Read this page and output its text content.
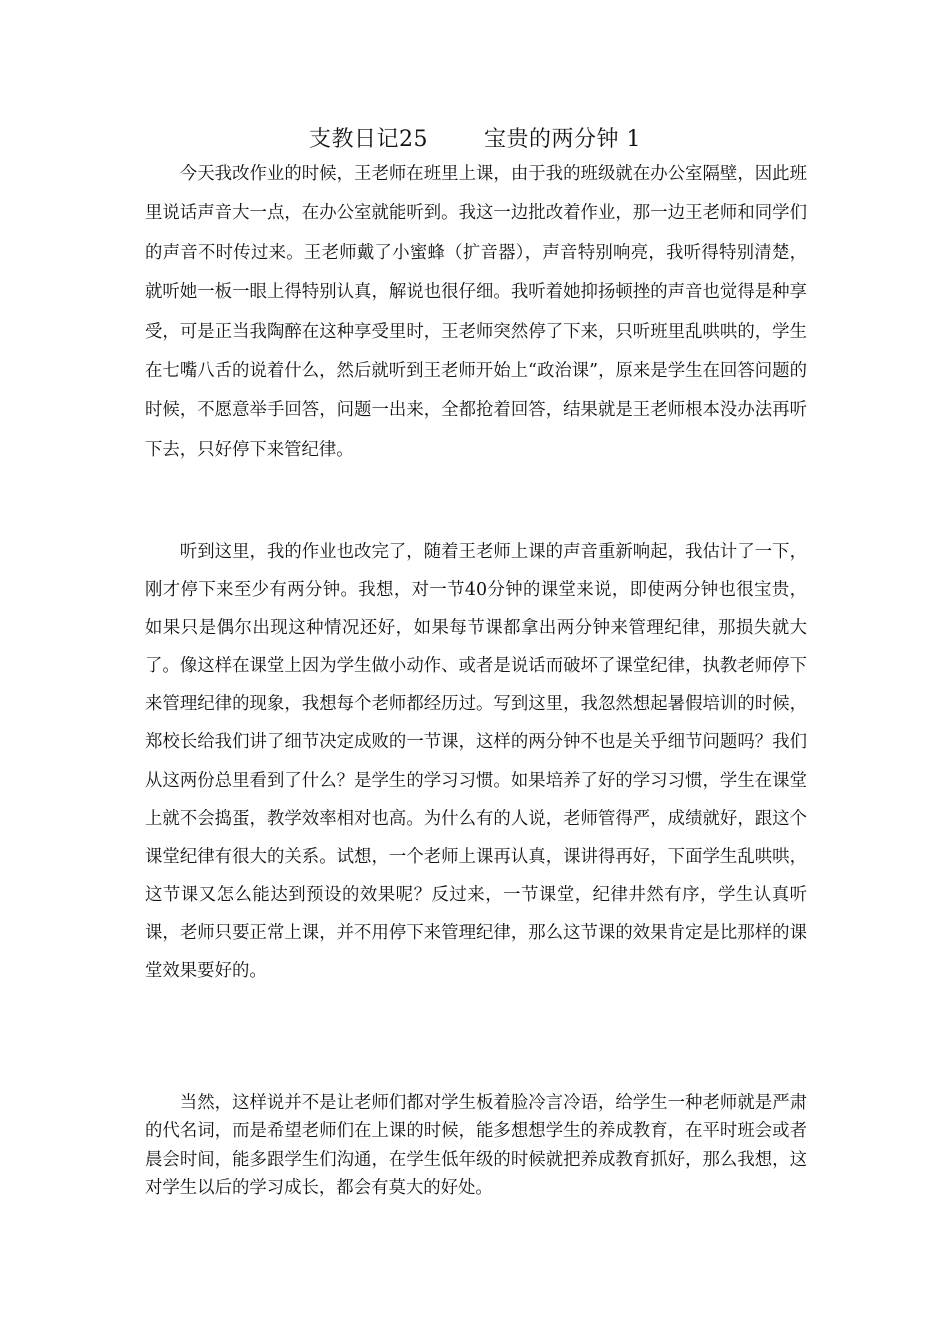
支教日记25	宝贵的两分钟 1

今天我改作业的时候，王老师在班里上课，由于我的班级就在办公室隔壁，因此班里说话声音大一点，在办公室就能听到。我这一边批改着作业，那一边王老师和同学们的声音不时传过来。王老师戴了小蜜蜂（扩音器），声音特别响亮，我听得特别清楚，就听她一板一眼上得特别认真，解说也很仔细。我听着她抑扬顿挫的声音也觉得是种享受，可是正当我陶醉在这种享受里时，王老师突然停了下来，只听班里乱哄哄的，学生在七嘴八舌的说着什么，然后就听到王老师开始上“政治课”，原来是学生在回答问题的时候，不愿意举手回答，问题一出来，全都抢着回答，结果就是王老师根本没办法再听下去，只好停下来管纪律。

听到这里，我的作业也改完了，随着王老师上课的声音重新响起，我估计了一下，刚才停下来至少有两分钟。我想，对一节40分钟的课堂来说，即使两分钟也很宝贵，如果只是偶尔出现这种情况还好，如果每节课都拿出两分钟来管理纪律，那损失就大了。像这样在课堂上因为学生做小动作、或者是说话而破坏了课堂纪律，执教老师停下来管理纪律的现象，我想每个老师都经历过。写到这里，我忽然想起暑假培训的时候，郑校长给我们讲了细节决定成败的一节课，这样的两分钟不也是关乎细节问题吗？我们从这两份总里看到了什么？是学生的学习习惯。如果培养了好的学习习惯，学生在课堂上就不会捣蛋，教学效率相对也高。为什么有的人说，老师管得严，成绩就好，跟这个课堂纪律有很大的关系。试想，一个老师上课再认真，课讲得再好，下面学生乱哄哄，这节课又怎么能达到预设的效果呢？反过来，一节课堂，纪律井然有序，学生认真听课，老师只要正常上课，并不用停下来管理纪律，那么这节课的效果肯定是比那样的课堂效果要好的。

当然，这样说并不是让老师们都对学生板着脸冷言冷语，给学生一种老师就是严肃的代名词，而是希望老师们在上课的时候，能多想想学生的养成教育，在平时班会或者晨会时间，能多跟学生们沟通，在学生低年级的时候就把养成教育抓好，那么我想，这对学生以后的学习成长，都会有莫大的好处。
